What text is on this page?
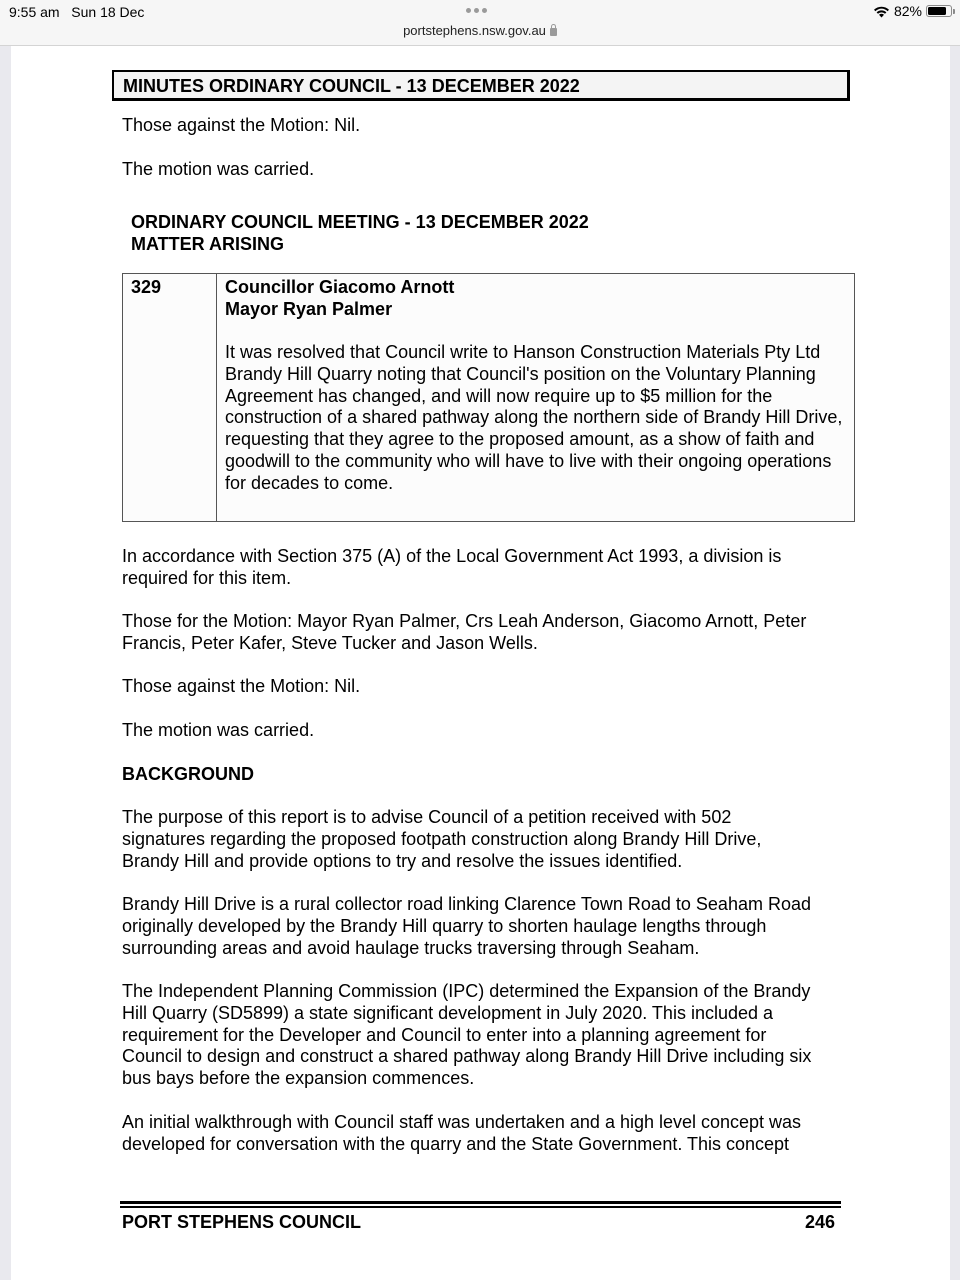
9:55 am Sun 18 Dec
portstephens.nsw.gov.au
82%
MINUTES ORDINARY COUNCIL - 13 DECEMBER 2022
Those against the Motion: Nil.
The motion was carried.
ORDINARY COUNCIL MEETING - 13 DECEMBER 2022
MATTER ARISING
329	Councillor Giacomo Arnott
Mayor Ryan Palmer
It was resolved that Council write to Hanson Construction Materials Pty Ltd Brandy Hill Quarry noting that Council's position on the Voluntary Planning Agreement has changed, and will now require up to $5 million for the construction of a shared pathway along the northern side of Brandy Hill Drive, requesting that they agree to the proposed amount, as a show of faith and goodwill to the community who will have to live with their ongoing operations for decades to come.
In accordance with Section 375 (A) of the Local Government Act 1993, a division is required for this item.
Those for the Motion: Mayor Ryan Palmer, Crs Leah Anderson, Giacomo Arnott, Peter Francis, Peter Kafer, Steve Tucker and Jason Wells.
Those against the Motion: Nil.
The motion was carried.
BACKGROUND
The purpose of this report is to advise Council of a petition received with 502 signatures regarding the proposed footpath construction along Brandy Hill Drive, Brandy Hill and provide options to try and resolve the issues identified.
Brandy Hill Drive is a rural collector road linking Clarence Town Road to Seaham Road originally developed by the Brandy Hill quarry to shorten haulage lengths through surrounding areas and avoid haulage trucks traversing through Seaham.
The Independent Planning Commission (IPC) determined the Expansion of the Brandy Hill Quarry (SD5899) a state significant development in July 2020. This included a requirement for the Developer and Council to enter into a planning agreement for Council to design and construct a shared pathway along Brandy Hill Drive including six bus bays before the expansion commences.
An initial walkthrough with Council staff was undertaken and a high level concept was developed for conversation with the quarry and the State Government. This concept
PORT STEPHENS COUNCIL	246
